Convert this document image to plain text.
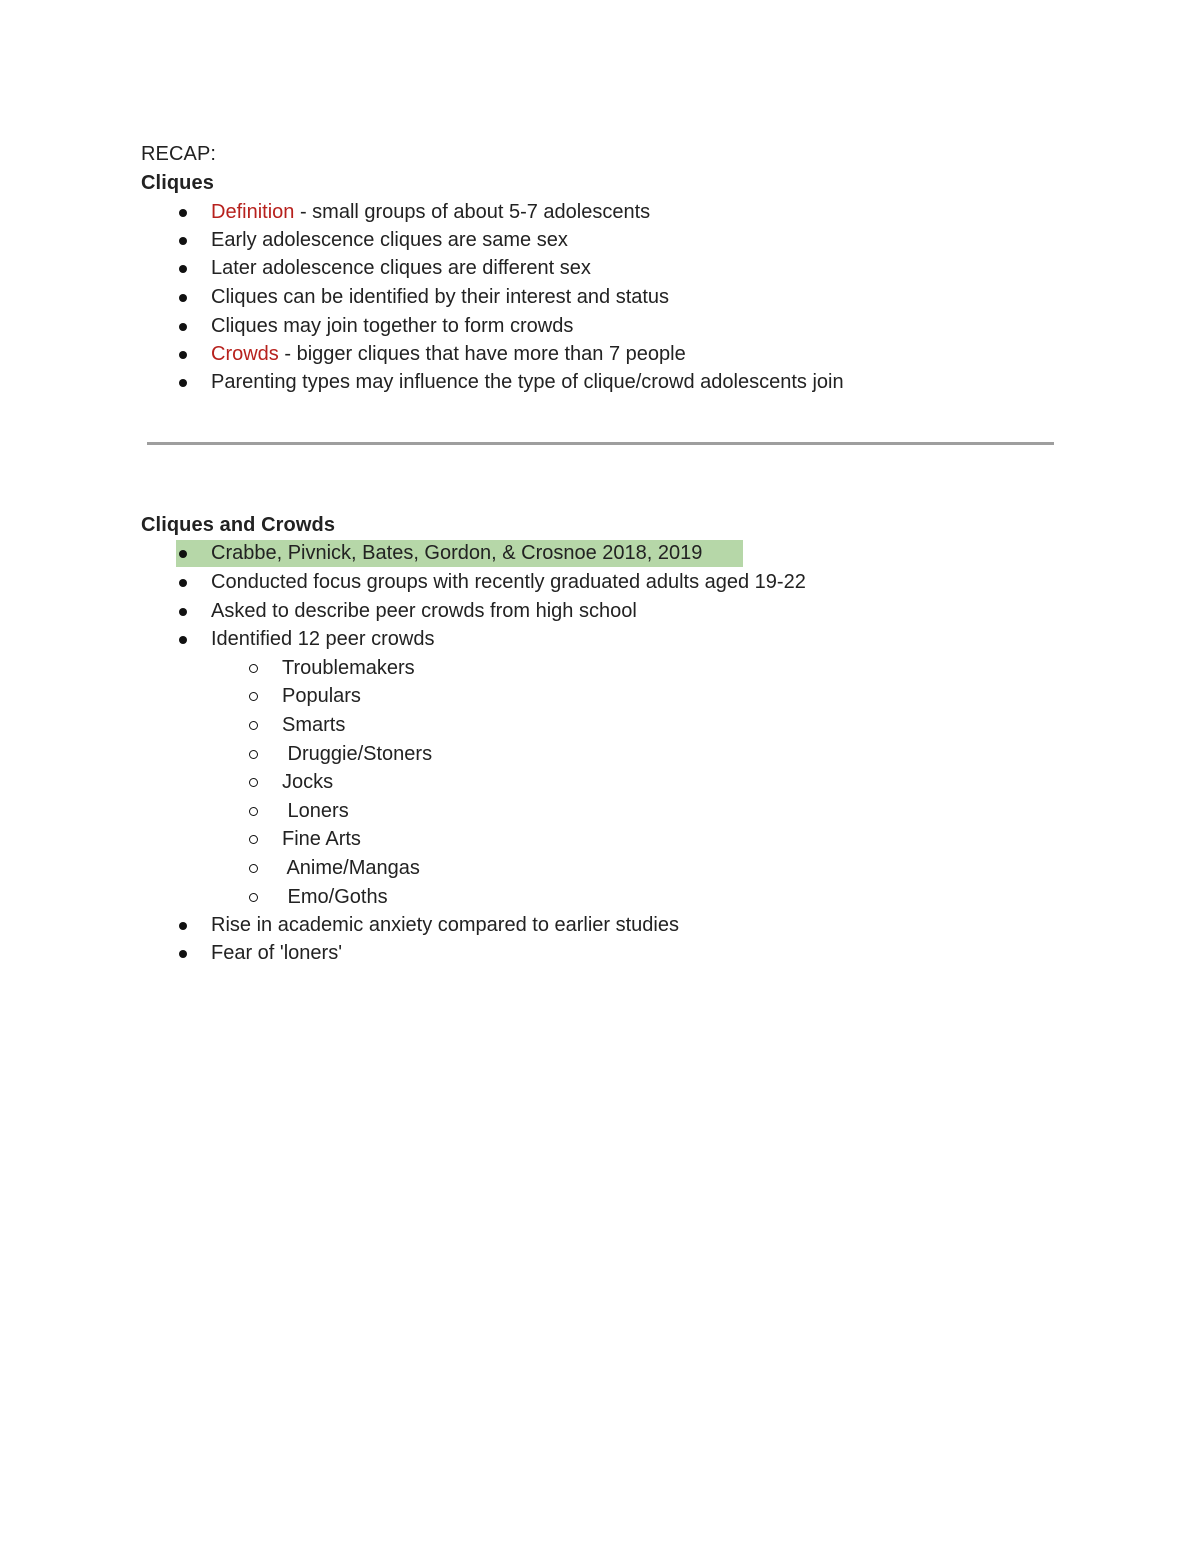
RECAP:
Cliques
Definition - small groups of about 5-7 adolescents
Early adolescence cliques are same sex
Later adolescence cliques are different sex
Cliques can be identified by their interest and status
Cliques may join together to form crowds
Crowds - bigger cliques that have more than 7 people
Parenting types may influence the type of clique/crowd adolescents join
Cliques and Crowds
Crabbe, Pivnick, Bates, Gordon, & Crosnoe 2018, 2019
Conducted focus groups with recently graduated adults aged 19-22
Asked to describe peer crowds from high school
Identified 12 peer crowds
Troublemakers
Populars
Smarts
Druggie/Stoners
Jocks
Loners
Fine Arts
Anime/Mangas
Emo/Goths
Rise in academic anxiety compared to earlier studies
Fear of 'loners'
